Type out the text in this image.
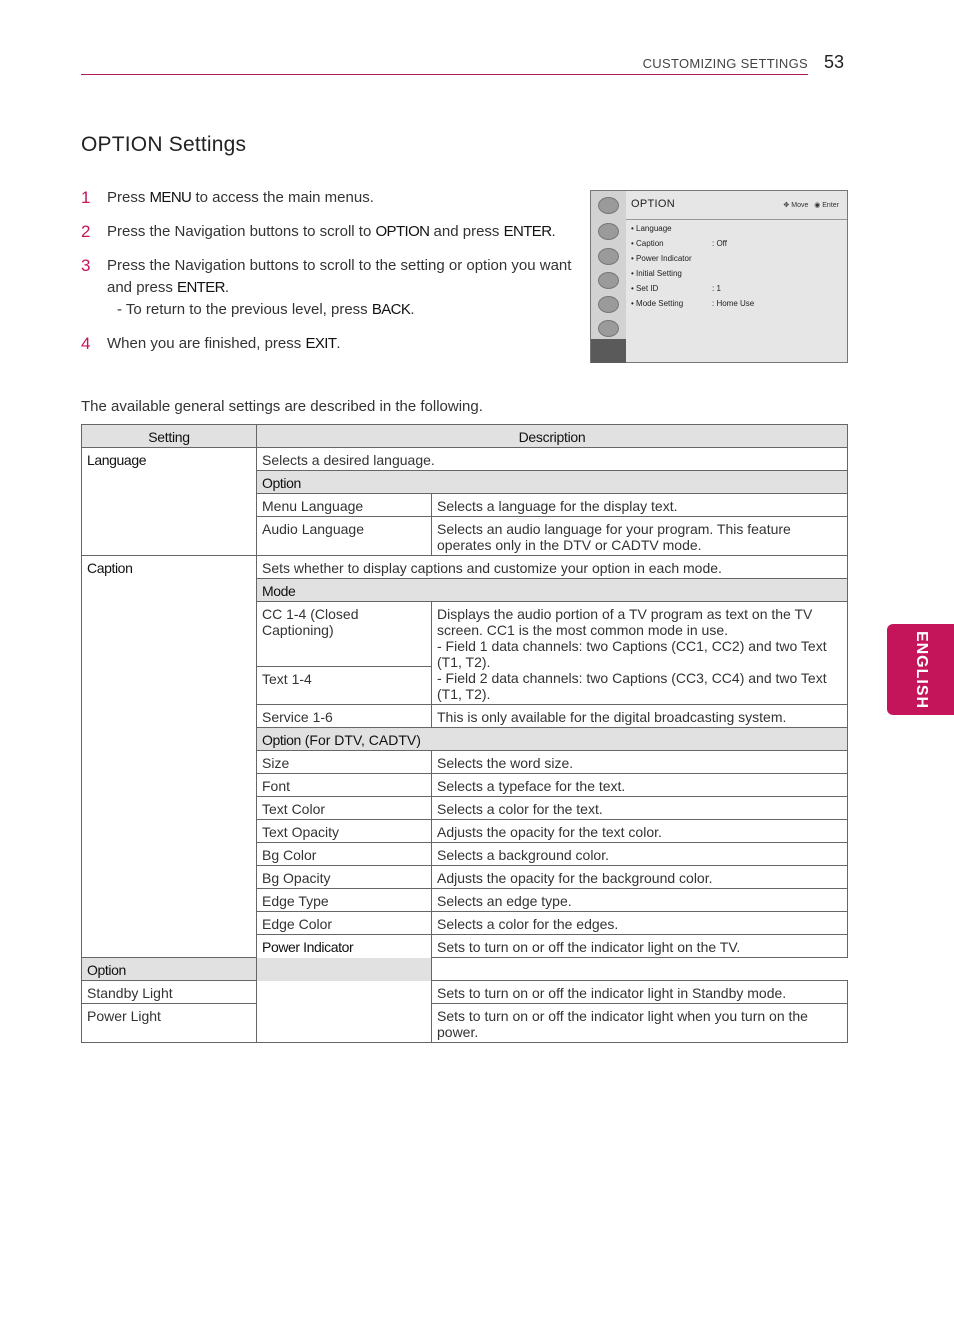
CUSTOMIZING SETTINGS 53
ENGLISH
OPTION Settings
1 Press MENU to access the main menus.
2 Press the Navigation buttons to scroll to OPTION and press ENTER.
3 Press the Navigation buttons to scroll to the setting or option you want and press ENTER.
- To return to the previous level, press BACK.
4 When you are finished, press EXIT.
OPTION	✥ Move ◉ Enter
• Language
• Caption	: Off
• Power Indicator
• Initial Setting
• Set ID	: 1
• Mode Setting	: Home Use
The available general settings are described in the following.
Setting	Description	
Language	Selects a desired language.	
	Option	
	Menu Language	Selects a language for the display text.
	Audio Language	Selects an audio language for your program. This feature operates only in the DTV or CADTV mode.
Caption	Sets whether to display captions and customize your option in each mode.	
	Mode	
	CC 1-4 (Closed Captioning)	Displays the audio portion of a TV program as text on the TV screen. CC1 is the most common mode in use.
- Field 1 data channels: two Captions (CC1, CC2) and two Text (T1, T2).
- Field 2 data channels: two Captions (CC3, CC4) and two Text (T1, T2).

	Text 1-4	
	Service 1-6	This is only available for the digital broadcasting system.
	Option (For DTV, CADTV)	
	Size	Selects the word size.
	Font	Selects a typeface for the text.
	Text Color	Selects a color for the text.
	Text Opacity	Adjusts the opacity for the text color.
	Bg Color	Selects a background color.
	Bg Opacity	Adjusts the opacity for the background color.
	Edge Type	Selects an edge type.
	Edge Color	Selects a color for the edges.
	Power Indicator	Sets to turn on or off the indicator light on the TV.
Option		
Standby Light		Sets to turn on or off the indicator light in Standby mode.
Power Light		Sets to turn on or off the indicator light when you turn on the power.
